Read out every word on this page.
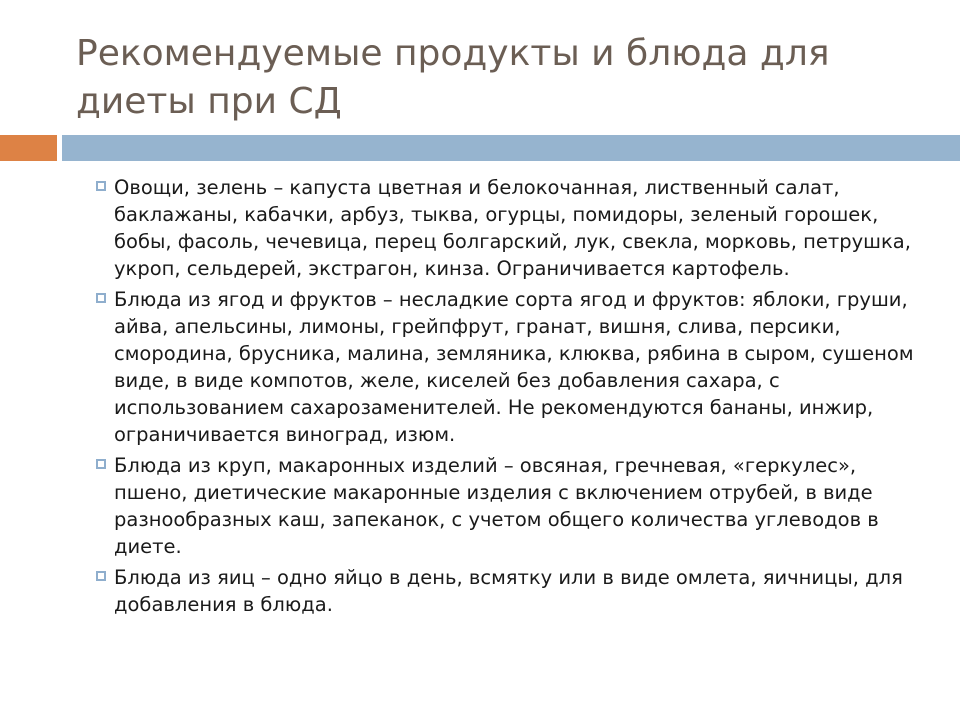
Рекомендуемые продукты и блюда для диеты при СД
Овощи, зелень – капуста цветная и белокочанная, лиственный салат, баклажаны, кабачки, арбуз, тыква, огурцы, помидоры, зеленый горошек, бобы, фасоль, чечевица, перец болгарский, лук, свекла, морковь, петрушка, укроп, сельдерей, экстрагон, кинза. Ограничивается картофель.
Блюда из ягод и фруктов – несладкие сорта ягод и фруктов: яблоки, груши, айва, апельсины, лимоны, грейпфрут, гранат, вишня, слива, персики, смородина, брусника, малина, земляника, клюква, рябина в сыром, сушеном виде, в виде компотов, желе, киселей без добавления сахара, с использованием сахарозаменителей. Не рекомендуются бананы, инжир, ограничивается виноград, изюм.
Блюда из круп, макаронных изделий – овсяная, гречневая, «геркулес», пшено, диетические макаронные изделия с включением отрубей, в виде разнообразных каш, запеканок, с учетом общего количества углеводов в диете.
Блюда из яиц – одно яйцо в день, всмятку или в виде омлета, яичницы, для добавления в блюда.
